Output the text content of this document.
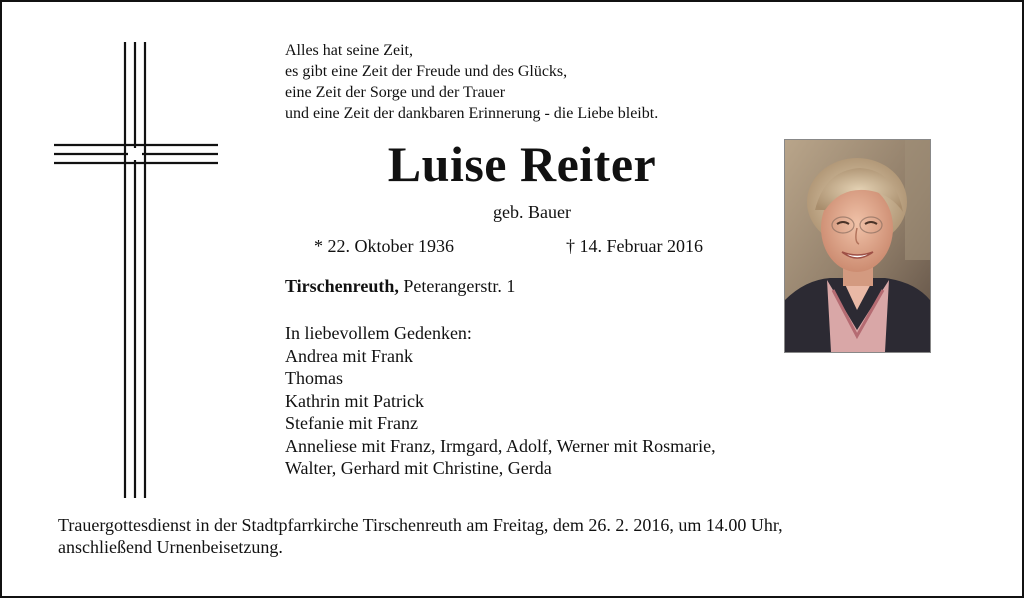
Alles hat seine Zeit,
es gibt eine Zeit der Freude und des Glücks,
eine Zeit der Sorge und der Trauer
und eine Zeit der dankbaren Erinnerung - die Liebe bleibt.
Luise Reiter
geb. Bauer
* 22. Oktober 1936	† 14. Februar 2016
Tirschenreuth, Peterangerstr. 1
In liebevollem Gedenken:
Andrea mit Frank
Thomas
Kathrin mit Patrick
Stefanie mit Franz
Anneliese mit Franz, Irmgard, Adolf, Werner mit Rosmarie,
Walter, Gerhard mit Christine, Gerda
Trauergottesdienst in der Stadtpfarrkirche Tirschenreuth am Freitag, dem 26. 2. 2016, um 14.00 Uhr,
anschließend Urnenbeisetzung.
